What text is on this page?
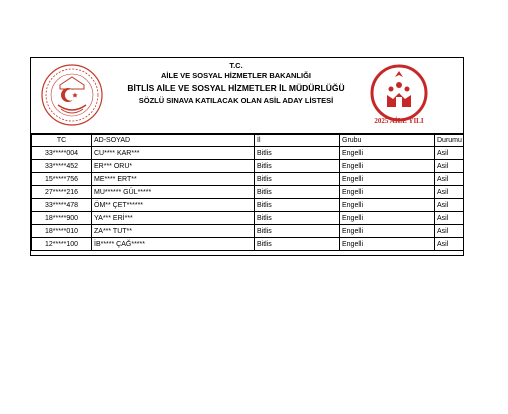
T.C.
AİLE VE SOSYAL HİZMETLER BAKANLIĞI
BİTLİS AİLE VE SOSYAL HİZMETLER İL MÜDÜRLÜĞÜ
SÖZLÜ SINAVA KATILACAK OLAN ASİL ADAY LİSTESİ
2025 AİLE YILI
TC	AD-SOYAD	İl	Grubu	Durumu
33*****004	CU**** KAR***	Bitlis	Engelli	Asil
33*****452	ER*** ORU*	Bitlis	Engelli	Asil
15*****756	ME**** ERT**	Bitlis	Engelli	Asil
27*****216	MU****** GÜL*****	Bitlis	Engelli	Asil
33*****478	ÖM** ÇET******	Bitlis	Engelli	Asil
18*****900	YA*** ERİ***	Bitlis	Engelli	Asil
18*****010	ZA*** TUT**	Bitlis	Engelli	Asil
12*****100	İB***** ÇAĞ*****	Bitlis	Engelli	Asil
